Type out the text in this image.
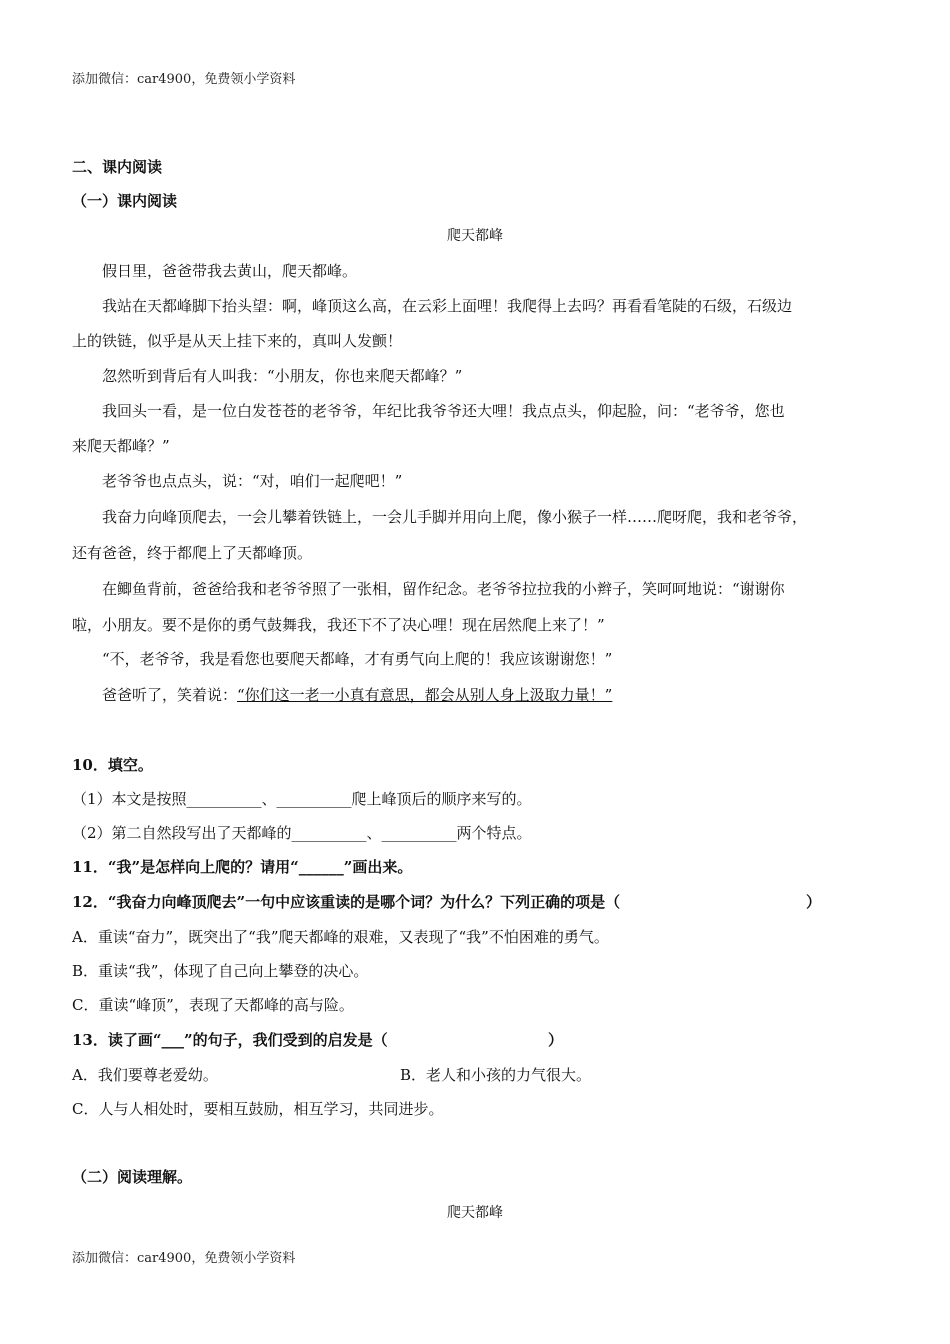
添加微信：car4900，免费领小学资料
二、课内阅读
（一）课内阅读
爬天都峰
假日里，爸爸带我去黄山，爬天都峰。
我站在天都峰脚下抬头望：啊，峰顶这么高，在云彩上面哩！我爬得上去吗？再看看笔陡的石级，石级边
上的铁链，似乎是从天上挂下来的，真叫人发颤！
忽然听到背后有人叫我：“小朋友，你也来爬天都峰？”
我回头一看，是一位白发苍苍的老爷爷，年纪比我爷爷还大哩！我点点头，仰起脸，问：“老爷爷，您也
来爬天都峰？”
老爷爷也点点头，说：“对，咱们一起爬吧！”
我奋力向峰顶爬去，一会儿攀着铁链上，一会儿手脚并用向上爬，像小猴子一样……爬呀爬，我和老爷爷，
还有爸爸，终于都爬上了天都峰顶。
在鲫鱼背前，爸爸给我和老爷爷照了一张相，留作纪念。老爷爷拉拉我的小辫子，笑呵呵地说：“谢谢你
啦，小朋友。要不是你的勇气鼓舞我，我还下不了决心哩！现在居然爬上来了！”
“不，老爷爷，我是看您也要爬天都峰，才有勇气向上爬的！我应该谢谢您！”
爸爸听了，笑着说：“你们这一老一小真有意思，都会从别人身上汲取力量！”
10．填空。
（1）本文是按照__________、__________爬上峰顶后的顺序来写的。
（2）第二自然段写出了天都峰的__________、__________两个特点。
11．“我”是怎样向上爬的？请用“______”画出来。
12．“我奋力向峰顶爬去”一句中应该重读的是哪个词？为什么？下列正确的项是（	）
A．重读“奋力”，既突出了“我”爬天都峰的艰难，又表现了“我”不怕困难的勇气。
B．重读“我”，体现了自己向上攀登的决心。
C．重读“峰顶”，表现了天都峰的高与险。
13．读了画“___”的句子，我们受到的启发是（	）
A．我们要尊老爱幼。	B．老人和小孩的力气很大。
C．人与人相处时，要相互鼓励，相互学习，共同进步。
（二）阅读理解。
爬天都峰
添加微信：car4900，免费领小学资料
